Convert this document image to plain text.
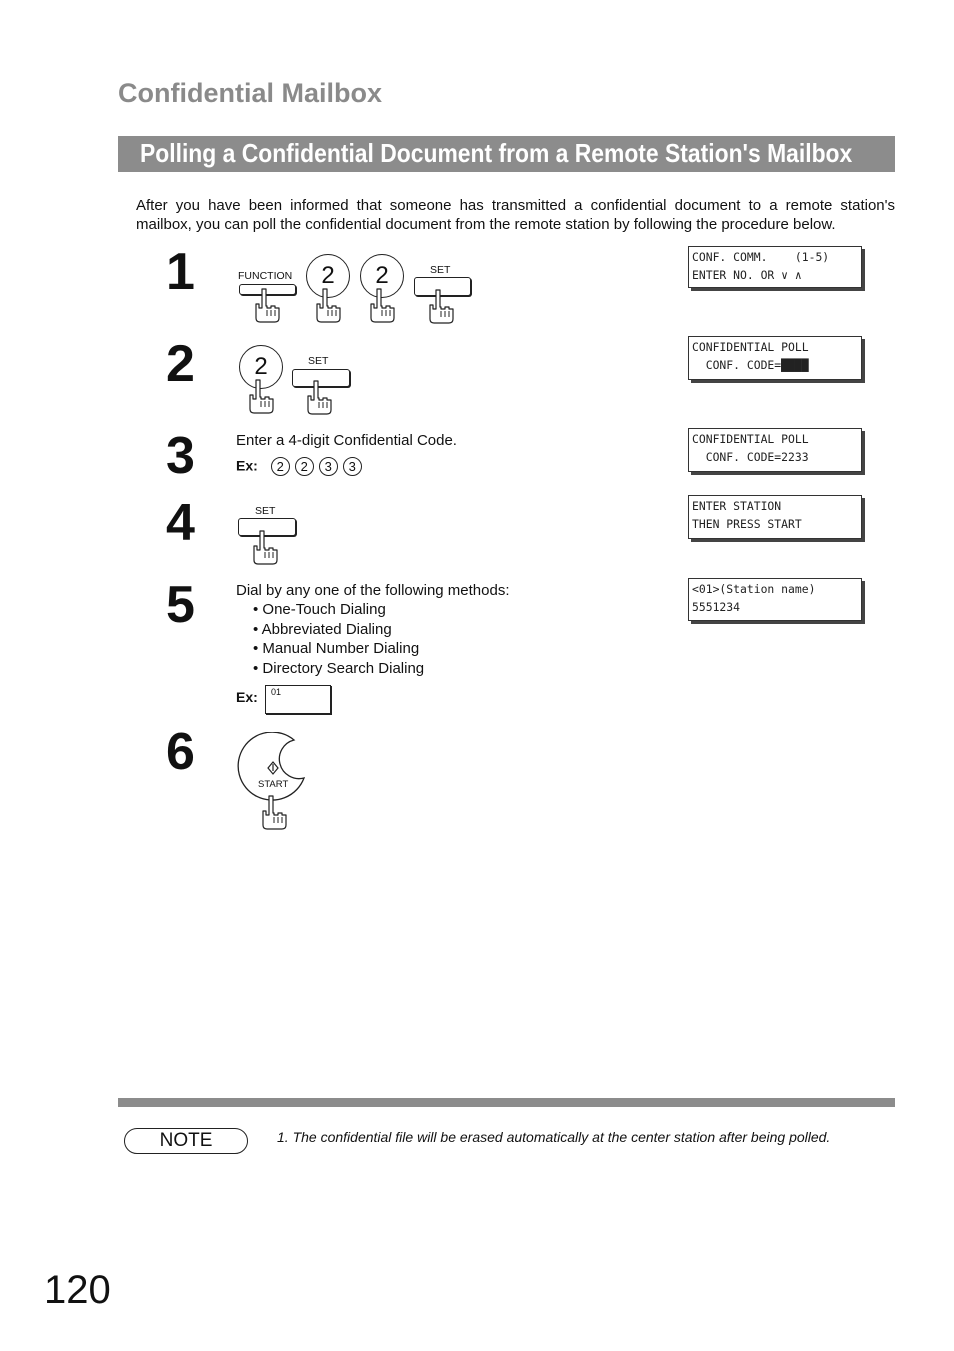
Confidential Mailbox
Polling a Confidential Document from a Remote Station's Mailbox
After you have been informed that someone has transmitted a confidential document to a remote station's mailbox, you can poll the confidential document from the remote station by following the procedure below.
1	FUNCTION	2	2	SET
CONF. COMM.    (1-5)
ENTER NO. OR ∨ ∧
2	2	SET
CONFIDENTIAL POLL
CONF. CODE=████
3	Enter a 4-digit Confidential Code.
Ex: 2 2 3 3
CONFIDENTIAL POLL
CONF. CODE=2233
4	SET	ENTER STATION
THEN PRESS START
5	Dial by any one of the following methods:
• One-Touch Dialing
• Abbreviated Dialing
• Manual Number Dialing
• Directory Search Dialing
Ex: 01
<01>(Station name)
5551234
6
START
NOTE	1. The confidential file will be erased automatically at the center station after being polled.
120
